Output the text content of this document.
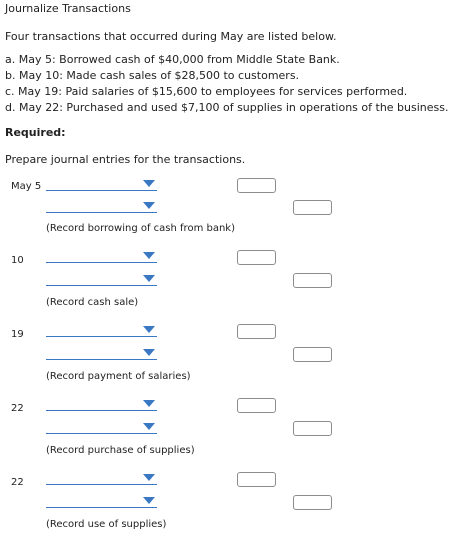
Journalize Transactions
Four transactions that occurred during May are listed below.
a. May 5: Borrowed cash of $40,000 from Middle State Bank.
b. May 10: Made cash sales of $28,500 to customers.
c. May 19: Paid salaries of $15,600 to employees for services performed.
d. May 22: Purchased and used $7,100 of supplies in operations of the business.
Required:
Prepare journal entries for the transactions.
May 5
(Record borrowing of cash from bank)
10
(Record cash sale)
19
(Record payment of salaries)
22
(Record purchase of supplies)
22
(Record use of supplies)
